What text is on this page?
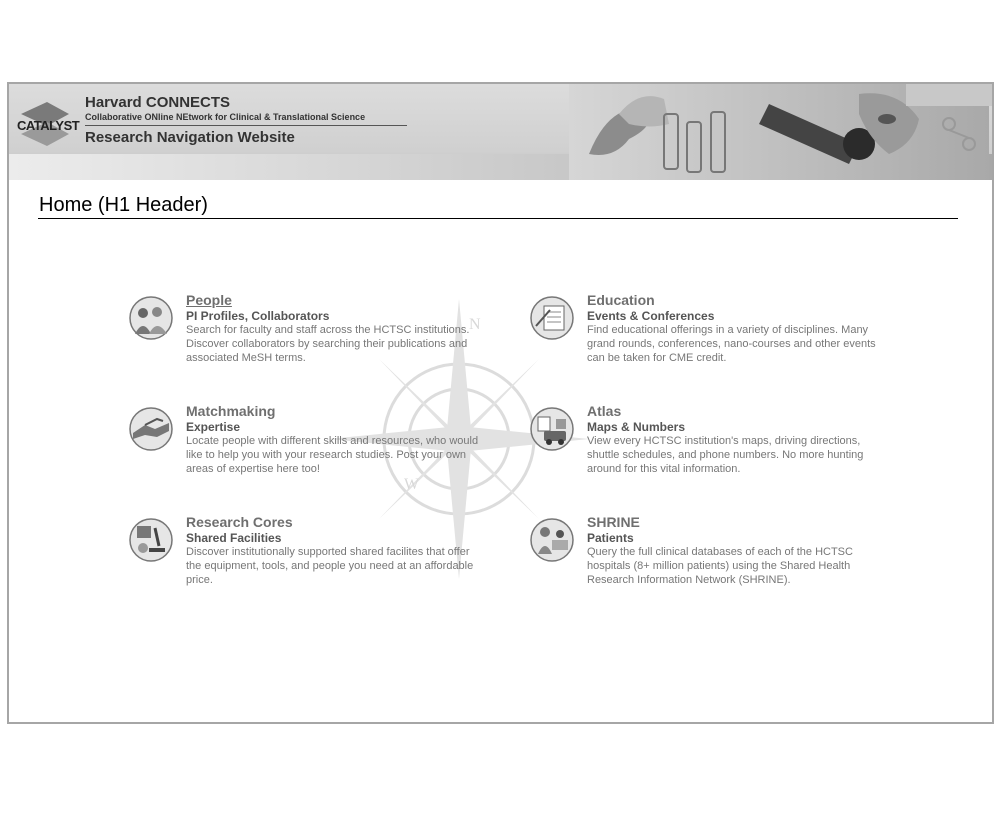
CATALYST
Harvard CONNECTS
Collaborative ONline NEtwork for Clinical & Translational Science
Research Navigation Website
Home (H1 Header)
N
W
People
PI Profiles, Collaborators
Search for faculty and staff across the HCTSC institutions. Discover collaborators by searching their publications and associated MeSH terms.
Education
Events & Conferences
Find educational offerings in a variety of disciplines. Many grand rounds, conferences, nano-courses and other events can be taken for CME credit.
Matchmaking
Expertise
Locate people with different skills and resources, who would like to help you with your research studies. Post your own areas of expertise here too!
Atlas
Maps & Numbers
View every HCTSC institution's maps, driving directions, shuttle schedules, and phone numbers. No more hunting around for this vital information.
Research Cores
Shared Facilities
Discover institutionally supported shared facilites that offer the equipment, tools, and people you need at an affordable price.
SHRINE
Patients
Query the full clinical databases of each of the HCTSC hospitals (8+ million patients) using the Shared Health Research Information Network (SHRINE).
